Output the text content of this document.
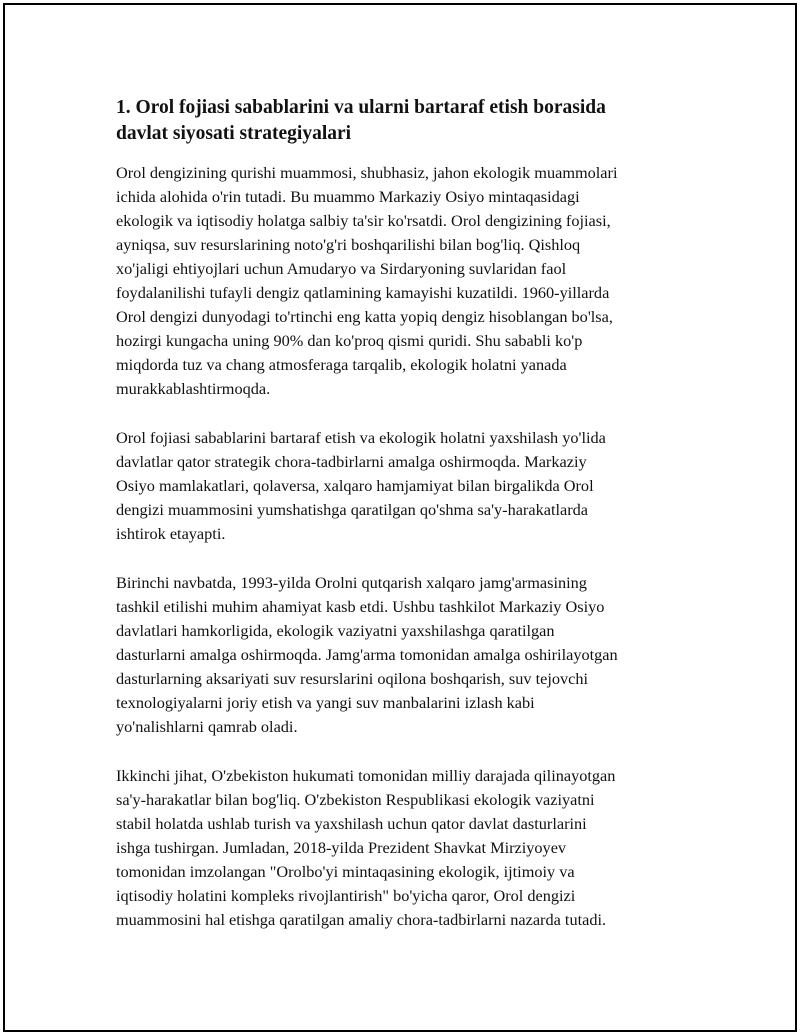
1. Orol fojiasi sabablarini va ularni bartaraf etish borasida
davlat siyosati strategiyalari

Orol dengizining qurishi muammosi, shubhasiz, jahon ekologik muammolari
ichida alohida o'rin tutadi. Bu muammo Markaziy Osiyo mintaqasidagi
ekologik va iqtisodiy holatga salbiy ta'sir ko'rsatdi. Orol dengizining fojiasi,
ayniqsa, suv resurslarining noto'g'ri boshqarilishi bilan bog'liq. Qishloq
xo'jaligi ehtiyojlari uchun Amudaryo va Sirdaryoning suvlaridan faol
foydalanilishi tufayli dengiz qatlamining kamayishi kuzatildi. 1960-yillarda
Orol dengizi dunyodagi to'rtinchi eng katta yopiq dengiz hisoblangan bo'lsa,
hozirgi kungacha uning 90% dan ko'proq qismi quridi. Shu sababli ko'p
miqdorda tuz va chang atmosferaga tarqalib, ekologik holatni yanada
murakkablashtirmoqda.

Orol fojiasi sabablarini bartaraf etish va ekologik holatni yaxshilash yo'lida
davlatlar qator strategik chora-tadbirlarni amalga oshirmoqda. Markaziy
Osiyo mamlakatlari, qolaversa, xalqaro hamjamiyat bilan birgalikda Orol
dengizi muammosini yumshatishga qaratilgan qo'shma sa'y-harakatlarda
ishtirok etayapti.

Birinchi navbatda, 1993-yilda Orolni qutqarish xalqaro jamg'armasining
tashkil etilishi muhim ahamiyat kasb etdi. Ushbu tashkilot Markaziy Osiyo
davlatlari hamkorligida, ekologik vaziyatni yaxshilashga qaratilgan
dasturlarni amalga oshirmoqda. Jamg'arma tomonidan amalga oshirilayotgan
dasturlarning aksariyati suv resurslarini oqilona boshqarish, suv tejovchi
texnologiyalarni joriy etish va yangi suv manbalarini izlash kabi
yo'nalishlarni qamrab oladi.

Ikkinchi jihat, O'zbekiston hukumati tomonidan milliy darajada qilinayotgan
sa'y-harakatlar bilan bog'liq. O'zbekiston Respublikasi ekologik vaziyatni
stabil holatda ushlab turish va yaxshilash uchun qator davlat dasturlarini
ishga tushirgan. Jumladan, 2018-yilda Prezident Shavkat Mirziyoyev
tomonidan imzolangan "Orolbo'yi mintaqasining ekologik, ijtimoiy va
iqtisodiy holatini kompleks rivojlantirish" bo'yicha qaror, Orol dengizi
muammosini hal etishga qaratilgan amaliy chora-tadbirlarni nazarda tutadi.
